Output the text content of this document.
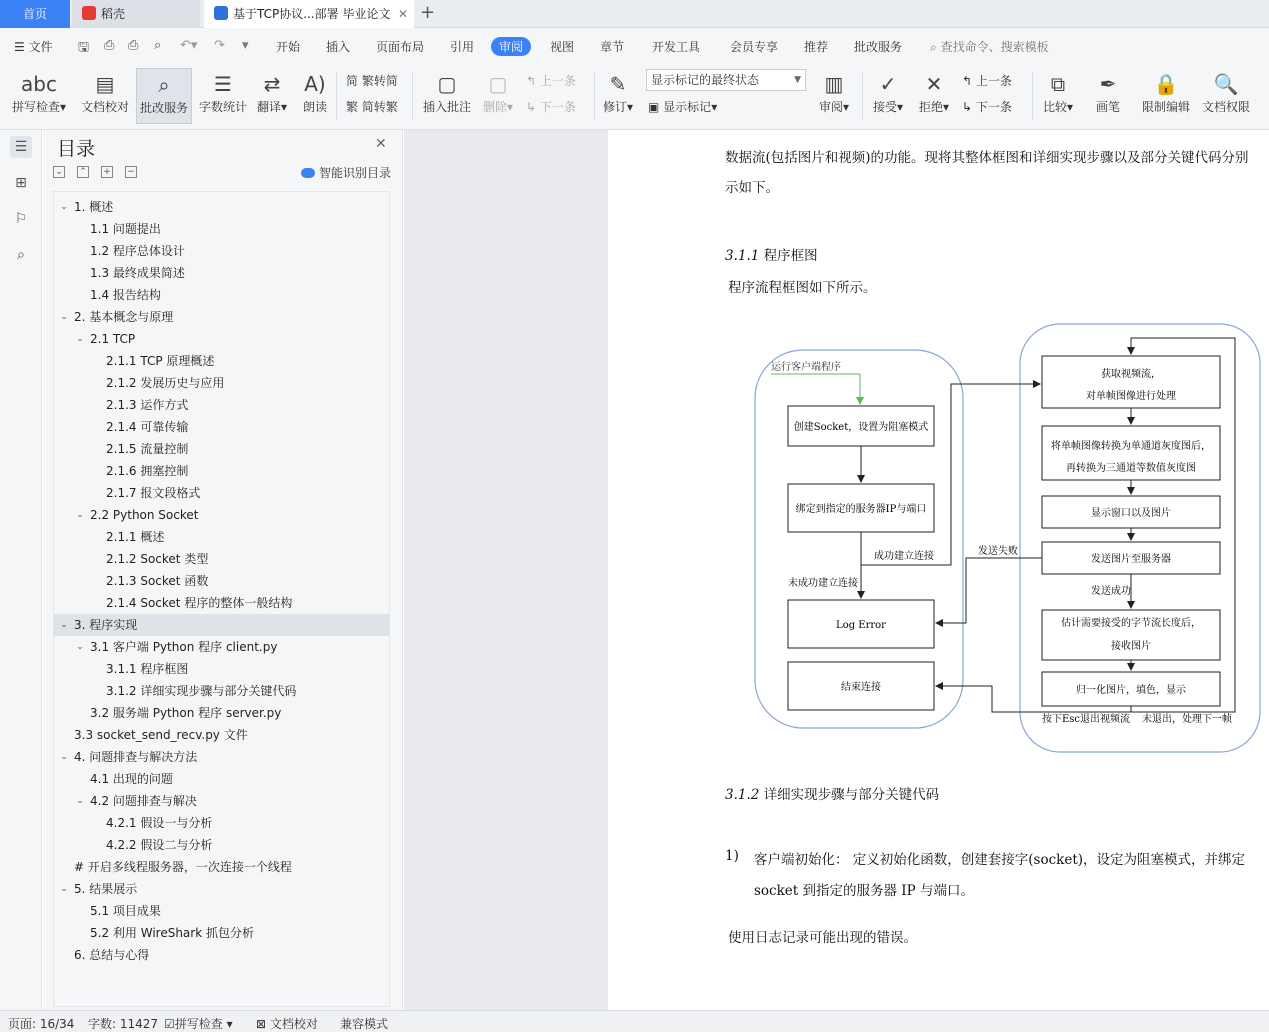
首页	稻壳	基于TCP协议...部署 毕业论文 ✕ +
☰ 文件 🖫 ⎙ ⎙ ⌕ ↶▾ ↷ ▾ 开始 插入 页面布局 引用	审阅	视图 章节 开发工具 会员专享 推荐 批改服务 ⌕ 查找命令、搜索模板
abc
拼写检查▾
▤
文档校对
⌕
批改服务
☰
字数统计
⇄
翻译▾
A)
朗读
简 繁转简
繁 简转繁
▢
插入批注
▢
删除▾
↰ 上一条
↳ 下一条
✎
修订▾
显示标记的最终状态	▼
▣ 显示标记▾
▥
审阅▾
✓
接受▾
✕
拒绝▾
↰ 上一条
↳ 下一条
⧉
比较▾
✒
画笔
🔒
限制编辑
🔍
文档权限
☰
⊞
⚐
⌕
目录	✕
⌄ ⌃ + −	智能识别目录
⌄ 1. 概述
1.1 问题提出
1.2 程序总体设计
1.3 最终成果简述
1.4 报告结构
⌄ 2. 基本概念与原理
⌄ 2.1 TCP
2.1.1 TCP 原理概述
2.1.2 发展历史与应用
2.1.3 运作方式
2.1.4 可靠传输
2.1.5 流量控制
2.1.6 拥塞控制
2.1.7 报文段格式
⌄ 2.2 Python Socket
2.1.1 概述
2.1.2 Socket 类型
2.1.3 Socket 函数
2.1.4 Socket 程序的整体一般结构
⌄ 3. 程序实现
⌄ 3.1 客户端 Python 程序 client.py
3.1.1 程序框图
3.1.2 详细实现步骤与部分关键代码
3.2 服务端 Python 程序 server.py
3.3 socket_send_recv.py 文件
⌄ 4. 问题排查与解决方法
4.1 出现的问题
⌄ 4.2 问题排查与解决
4.2.1 假设一与分析
4.2.2 假设二与分析
# 开启多线程服务器，一次连接一个线程
⌄ 5. 结果展示
5.1 项目成果
5.2 利用 WireShark 抓包分析
6. 总结与心得
数据流(包括图片和视频)的功能。现将其整体框图和详细实现步骤以及部分关键代码分别
示如下。
3.1.1 程序框图
程序流程框图如下所示。
运行客户端程序
创建Socket，设置为阻塞模式
绑定到指定的服务器IP与端口
未成功建立连接
成功建立连接
Log Error
结束连接
获取视频流，
对单帧图像进行处理
将单帧图像转换为单通道灰度图后，
再转换为三通道等数值灰度图
显示窗口以及图片
发送图片至服务器
发送失败
发送成功
估计需要接受的字节流长度后，
接收图片
归一化图片，填色，显示
按下Esc退出视频流 未退出，处理下一帧
3.1.2 详细实现步骤与部分关键代码
1) 客户端初始化： 定义初始化函数，创建套接字(socket)，设定为阻塞模式，并绑定
socket 到指定的服务器 IP 与端口。
使用日志记录可能出现的错误。
页面: 16/34 字数: 11427 ☑拼写检查 ▾ ⊠ 文档校对 兼容模式
